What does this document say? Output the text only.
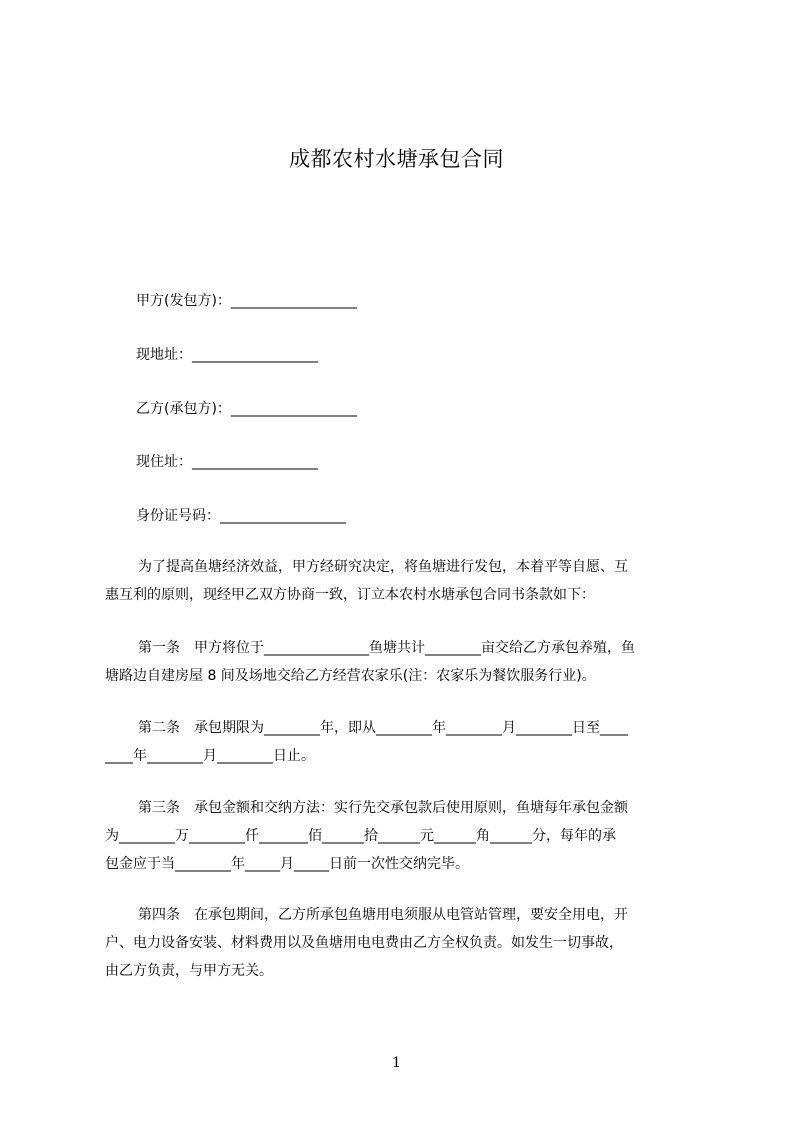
成都农村水塘承包合同
甲方(发包方)：__________________
现地址：__________________
乙方(承包方)：__________________
现住址：__________________
身份证号码：__________________

为了提高鱼塘经济效益，甲方经研究决定，将鱼塘进行发包，本着平等自愿、互
惠互利的原则，现经甲乙双方协商一致，订立本农村水塘承包合同书条款如下：

第一条　甲方将位于_______________鱼塘共计________亩交给乙方承包养殖，鱼
塘路边自建房屋 8 间及场地交给乙方经营农家乐(注：农家乐为餐饮服务行业)。

第二条　承包期限为________年，即从________年________月________日至____
____年________月________日止。

第三条　承包金额和交纳方法：实行先交承包款后使用原则，鱼塘每年承包金额
为________万________仟_______佰______拾______元______角______分，每年的承
包金应于当________年_____月_____日前一次性交纳完毕。

第四条　在承包期间，乙方所承包鱼塘用电须服从电管站管理，要安全用电，开
户、电力设备安装、材料费用以及鱼塘用电电费由乙方全权负责。如发生一切事故，
由乙方负责，与甲方无关。

1
